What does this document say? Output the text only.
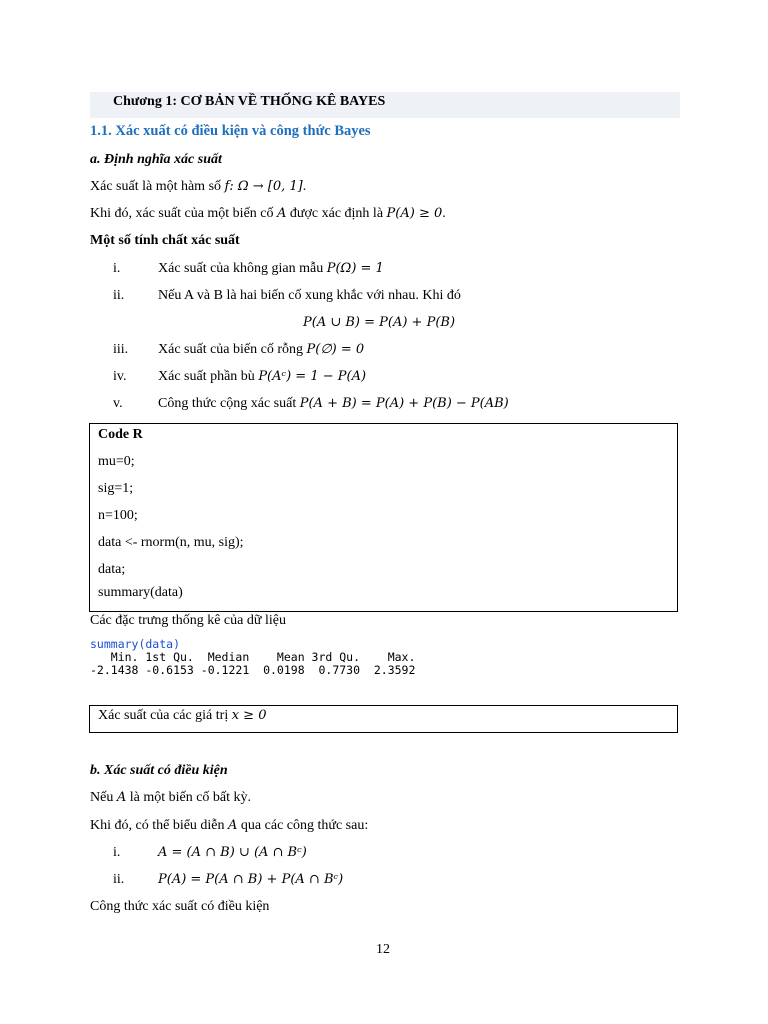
Chương 1: CƠ BẢN VỀ THỐNG KÊ BAYES
1.1. Xác xuất có điều kiện và công thức Bayes
a. Định nghĩa xác suất
Xác suất là một hàm số f: Ω → [0, 1].
Khi đó, xác suất của một biến cố A được xác định là P(A) ≥ 0.
Một số tính chất xác suất
i.	Xác suất của không gian mẫu P(Ω) = 1
ii. Nếu A và B là hai biến cố xung khắc với nhau. Khi đó
P(A ∪ B) = P(A) + P(B)
iii. Xác suất của biến cố rỗng P(∅) = 0
iv. Xác suất phần bù P(Aᶜ) = 1 − P(A)
v.	Công thức cộng xác suất P(A + B) = P(A) + P(B) − P(AB)
Code R
mu=0;
sig=1;
n=100;
data <- rnorm(n, mu, sig);
data;
summary(data)
Các đặc trưng thống kê của dữ liệu
summary(data)
Min. 1st Qu.  Median    Mean 3rd Qu.    Max.
-2.1438 -0.6153 -0.1221  0.0198  0.7730  2.3592
Xác suất của các giá trị x ≥ 0
b. Xác suất có điều kiện
Nếu A là một biến cố bất kỳ.
Khi đó, có thể biểu diễn A qua các công thức sau:
i.	A = (A ∩ B) ∪ (A ∩ Bᶜ)
ii.	P(A) = P(A ∩ B) + P(A ∩ Bᶜ)
Công thức xác suất có điều kiện
12
